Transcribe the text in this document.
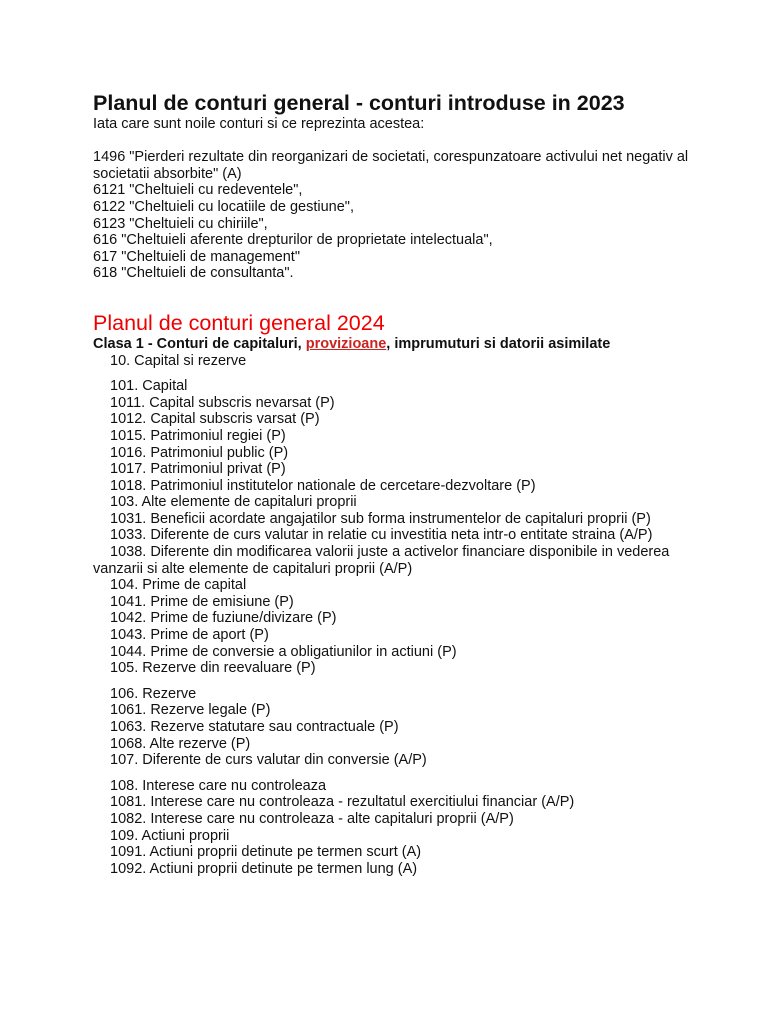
Planul de conturi general - conturi introduse in 2023
Iata care sunt noile conturi si ce reprezinta acestea:
1496 "Pierderi rezultate din reorganizari de societati, corespunzatoare activului net negativ al societatii absorbite" (A)
6121 "Cheltuieli cu redeventele",
6122 "Cheltuieli cu locatiile de gestiune",
6123 "Cheltuieli cu chiriile",
616 "Cheltuieli aferente drepturilor de proprietate intelectuala",
617 "Cheltuieli de management"
618 "Cheltuieli de consultanta".
Planul de conturi general 2024
Clasa 1 - Conturi de capitaluri, provizioane, imprumuturi si datorii asimilate
10. Capital si rezerve
101. Capital
1011. Capital subscris nevarsat (P)
1012. Capital subscris varsat (P)
1015. Patrimoniul regiei (P)
1016. Patrimoniul public (P)
1017. Patrimoniul privat (P)
1018. Patrimoniul institutelor nationale de cercetare-dezvoltare (P)
103. Alte elemente de capitaluri proprii
1031. Beneficii acordate angajatilor sub forma instrumentelor de capitaluri proprii (P)
1033. Diferente de curs valutar in relatie cu investitia neta intr-o entitate straina (A/P)
1038. Diferente din modificarea valorii juste a activelor financiare disponibile in vederea vanzarii si alte elemente de capitaluri proprii (A/P)
104. Prime de capital
1041. Prime de emisiune (P)
1042. Prime de fuziune/divizare (P)
1043. Prime de aport (P)
1044. Prime de conversie a obligatiunilor in actiuni (P)
105. Rezerve din reevaluare (P)
106. Rezerve
1061. Rezerve legale (P)
1063. Rezerve statutare sau contractuale (P)
1068. Alte rezerve (P)
107. Diferente de curs valutar din conversie (A/P)
108. Interese care nu controleaza
1081. Interese care nu controleaza - rezultatul exercitiului financiar (A/P)
1082. Interese care nu controleaza - alte capitaluri proprii (A/P)
109. Actiuni proprii
1091. Actiuni proprii detinute pe termen scurt (A)
1092. Actiuni proprii detinute pe termen lung (A)
